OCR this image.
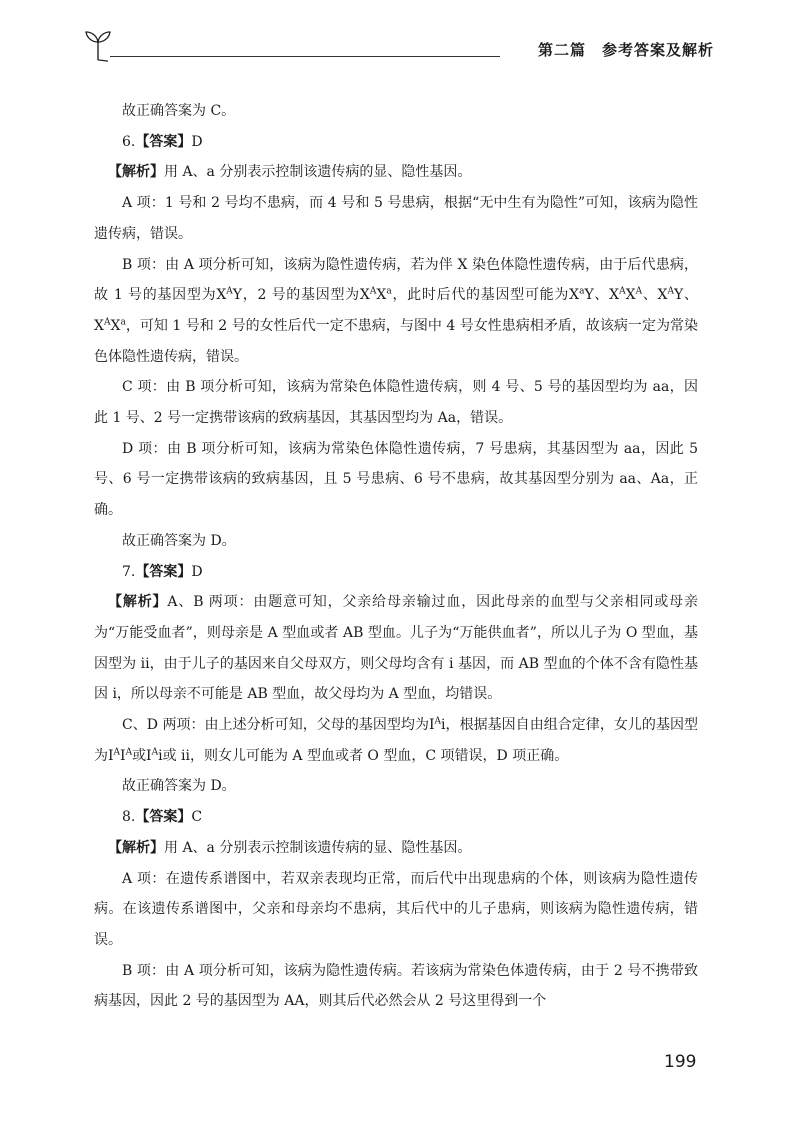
第二篇　参考答案及解析

故正确答案为 C。

6.【答案】D

【解析】用 A、a 分别表示控制该遗传病的显、隐性基因。

A 项：1 号和 2 号均不患病，而 4 号和 5 号患病，根据“无中生有为隐性”可知，该病为隐性遗传病，错误。

B 项：由 A 项分析可知，该病为隐性遗传病，若为伴 X 染色体隐性遗传病，由于后代患病，故 1 号的基因型为$X^AY$，2 号的基因型为$X^AX^a$，此时后代的基因型可能为$X^aY$、$X^AX^A$、$X^AY$、$X^AX^a$，可知 1 号和 2 号的女性后代一定不患病，与图中 4 号女性患病相矛盾，故该病一定为常染色体隐性遗传病，错误。

C 项：由 B 项分析可知，该病为常染色体隐性遗传病，则 4 号、5 号的基因型均为 aa，因此 1 号、2 号一定携带该病的致病基因，其基因型均为 Aa，错误。

D 项：由 B 项分析可知，该病为常染色体隐性遗传病，7 号患病，其基因型为 aa，因此 5 号、6 号一定携带该病的致病基因，且 5 号患病、6 号不患病，故其基因型分别为 aa、Aa，正确。

故正确答案为 D。

7.【答案】D

【解析】A、B 两项：由题意可知，父亲给母亲输过血，因此母亲的血型与父亲相同或母亲为“万能受血者”，则母亲是 A 型血或者 AB 型血。儿子为“万能供血者”，所以儿子为 O 型血，基因型为 ii，由于儿子的基因来自父母双方，则父母均含有 i 基因，而 AB 型血的个体不含有隐性基因 i，所以母亲不可能是 AB 型血，故父母均为 A 型血，均错误。

C、D 两项：由上述分析可知，父母的基因型均为$I^Ai$，根据基因自由组合定律，女儿的基因型为$I^AI^A$或$I^Ai$或 ii，则女儿可能为 A 型血或者 O 型血，C 项错误，D 项正确。

故正确答案为 D。

8.【答案】C

【解析】用 A、a 分别表示控制该遗传病的显、隐性基因。

A 项：在遗传系谱图中，若双亲表现均正常，而后代中出现患病的个体，则该病为隐性遗传病。在该遗传系谱图中，父亲和母亲均不患病，其后代中的儿子患病，则该病为隐性遗传病，错误。

B 项：由 A 项分析可知，该病为隐性遗传病。若该病为常染色体遗传病，由于 2 号不携带致病基因，因此 2 号的基因型为 AA，则其后代必然会从 2 号这里得到一个

199
